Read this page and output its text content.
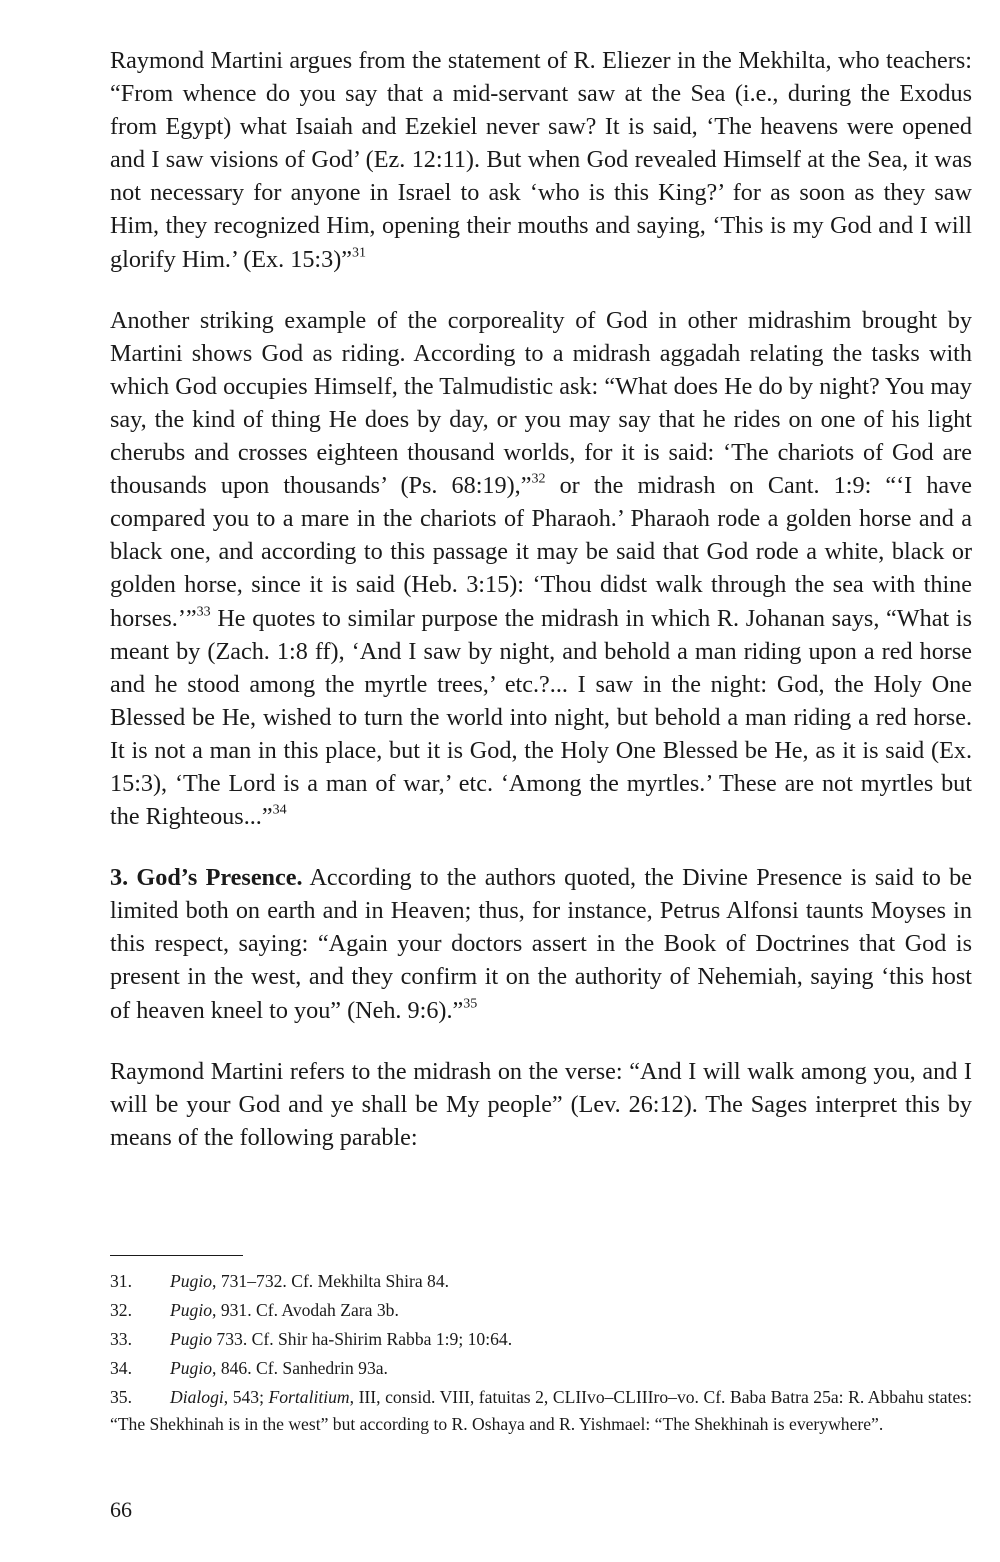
Raymond Martini argues from the statement of R. Eliezer in the Mekhilta, who teachers: “From whence do you say that a mid-servant saw at the Sea (i.e., during the Exodus from Egypt) what Isaiah and Ezekiel never saw? It is said, ‘The heavens were opened and I saw visions of God’ (Ez. 12:11). But when God revealed Himself at the Sea, it was not necessary for anyone in Israel to ask ‘who is this King?’ for as soon as they saw Him, they recognized Him, opening their mouths and saying, ‘This is my God and I will glorify Him.’ (Ex. 15:3)”$^{31}$

Another striking example of the corporeality of God in other midrashim brought by Martini shows God as riding. According to a midrash aggadah relating the tasks with which God occupies Himself, the Talmudistic ask: “What does He do by night? You may say, the kind of thing He does by day, or you may say that he rides on one of his light cherubs and crosses eighteen thousand worlds, for it is said: ‘The chariots of God are thousands upon thousands’ (Ps. 68:19),”$^{32}$ or the midrash on Cant. 1:9: “‘I have compared you to a mare in the chariots of Pharaoh.’ Pharaoh rode a golden horse and a black one, and according to this passage it may be said that God rode a white, black or golden horse, since it is said (Heb. 3:15): ‘Thou didst walk through the sea with thine horses.’”$^{33}$ He quotes to similar purpose the midrash in which R. Johanan says, “What is meant by (Zach. 1:8 ff), ‘And I saw by night, and behold a man riding upon a red horse and he stood among the myrtle trees,’ etc.?... I saw in the night: God, the Holy One Blessed be He, wished to turn the world into night, but behold a man riding a red horse. It is not a man in this place, but it is God, the Holy One Blessed be He, as it is said (Ex. 15:3), ‘The Lord is a man of war,’ etc. ‘Among the myrtles.’ These are not myrtles but the Righteous...”$^{34}$

3. God’s Presence. According to the authors quoted, the Divine Presence is said to be limited both on earth and in Heaven; thus, for instance, Petrus Alfonsi taunts Moyses in this respect, saying: “Again your doctors assert in the Book of Doctrines that God is present in the west, and they confirm it on the authority of Nehemiah, saying ‘this host of heaven kneel to you” (Neh. 9:6).”$^{35}$

Raymond Martini refers to the midrash on the verse: “And I will walk among you, and I will be your God and ye shall be My people” (Lev. 26:12). The Sages interpret this by means of the following parable:

31. Pugio, 731–732. Cf. Mekhilta Shira 84.
32. Pugio, 931. Cf. Avodah Zara 3b.
33. Pugio 733. Cf. Shir ha-Shirim Rabba 1:9; 10:64.
34. Pugio, 846. Cf. Sanhedrin 93a.
35. Dialogi, 543; Fortalitium, III, consid. VIII, fatuitas 2, CLIIvo–CLIIIro–vo. Cf. Baba Batra 25a: R. Abbahu states: “The Shekhinah is in the west” but according to R. Oshaya and R. Yishmael: “The Shekhinah is everywhere”.
66
